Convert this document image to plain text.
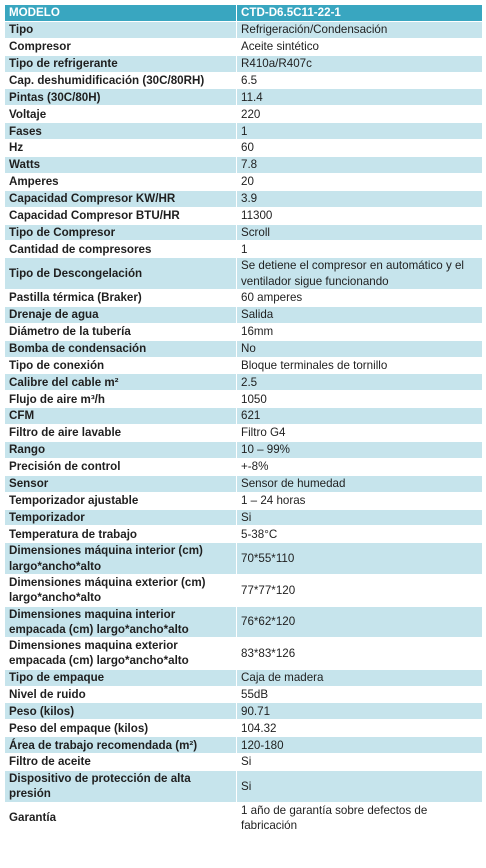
MODELO	CTD-D6.5C11-22-1
Tipo	Refrigeración/Condensación
Compresor	Aceite sintético
Tipo de refrigerante	R410a/R407c
Cap. deshumidificación (30C/80RH)	6.5
Pintas (30C/80H)	11.4
Voltaje	220
Fases	1
Hz	60
Watts	7.8
Amperes	20
Capacidad Compresor KW/HR	3.9
Capacidad Compresor BTU/HR	11300
Tipo de Compresor	Scroll
Cantidad de compresores	1
Tipo de Descongelación	Se detiene el compresor en automático y el ventilador sigue funcionando
Pastilla térmica (Braker)	60 amperes
Drenaje de agua	Salida
Diámetro de la tubería	16mm
Bomba de condensación	No
Tipo de conexión	Bloque terminales de tornillo
Calibre del cable m²	2.5
Flujo de aire m³/h	1050
CFM	621
Filtro de aire lavable	Filtro G4
Rango	10 – 99%
Precisión de control	+-8%
Sensor	Sensor de humedad
Temporizador ajustable	1 – 24 horas
Temporizador	Si
Temperatura de trabajo	5-38°C
Dimensiones máquina interior (cm) largo*ancho*alto	70*55*110
Dimensiones máquina exterior (cm) largo*ancho*alto	77*77*120
Dimensiones maquina interior empacada (cm) largo*ancho*alto	76*62*120
Dimensiones maquina exterior empacada (cm) largo*ancho*alto	83*83*126
Tipo de empaque	Caja de madera
Nivel de ruido	55dB
Peso (kilos)	90.71
Peso del empaque (kilos)	104.32
Área de trabajo recomendada (m²)	120-180
Filtro de aceite	Si
Dispositivo de protección de alta presión	Si
Garantía	1 año de garantía sobre defectos de fabricación
